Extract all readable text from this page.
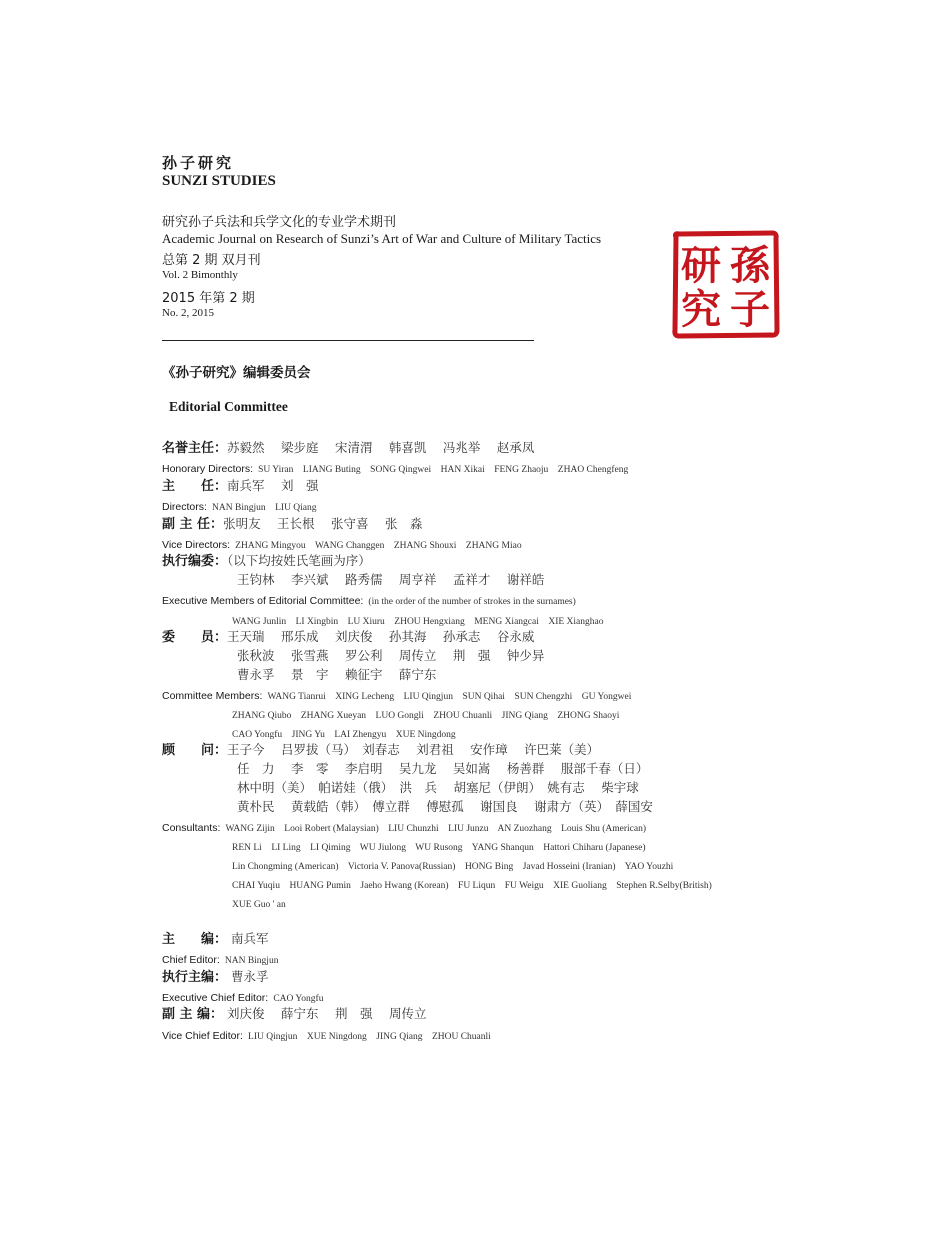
孙子研究
SUNZI STUDIES
研究孙子兵法和兵学文化的专业学术期刊
Academic Journal on Research of Sunzi’s Art of War and Culture of Military Tactics
总第 2 期 双月刊
Vol. 2 Bimonthly
2015 年第 2 期
No. 2, 2015
孫
子
研
究
《孙子研究》编辑委员会
Editorial Committee
名誉主任：苏毅然　 梁步庭　 宋清渭　 韩喜凯　 冯兆举　 赵承凤
Honorary Directors: SU Yiran    LIANG Buting    SONG Qingwei    HAN Xikai    FENG Zhaoju    ZHAO Chengfeng
主　　任：南兵军　 刘　强
Directors: NAN Bingjun    LIU Qiang
副 主 任：张明友　 王长根　 张守喜　 张　淼
Vice Directors: ZHANG Mingyou    WANG Changgen    ZHANG Shouxi    ZHANG Miao
执行编委：（以下均按姓氏笔画为序）
王钧林　 李兴斌　 路秀儒　 周亨祥　 孟祥才　 谢祥皓
Executive Members of Editorial Committee: (in the order of the number of strokes in the surnames)
WANG Junlin    LI Xingbin    LU Xiuru    ZHOU Hengxiang    MENG Xiangcai    XIE Xianghao
委　　员：王天瑞　 邢乐成　 刘庆俊　 孙其海　 孙承志　 谷永威
张秋波　 张雪燕　 罗公利　 周传立　 荆　强　 钟少异
曹永孚　 景　宇　 赖征宇　 薛宁东
Committee Members: WANG Tianrui    XING Lecheng    LIU Qingjun    SUN Qihai    SUN Chengzhi    GU Yongwei
ZHANG Qiubo    ZHANG Xueyan    LUO Gongli    ZHOU Chuanli    JING Qiang    ZHONG Shaoyi
CAO Yongfu    JING Yu    LAI Zhengyu    XUE Ningdong
顾　　问：王子今　 吕罗拔（马）　刘春志　 刘君祖　 安作璋　 许巴莱（美）
任　力　 李　零　 李启明　 吴九龙　 吴如嵩　 杨善群　 服部千春（日）
林中明（美）　帕诺娃（俄）　洪　兵　 胡塞尼（伊朗）　姚有志　 柴宇球
黄朴民　 黄载皓（韩）　傅立群　 傅慰孤　 谢国良　 谢肃方（英）　薛国安
Consultants: WANG Zijin    Looi Robert (Malaysian)    LIU Chunzhi    LIU Junzu    AN Zuozhang    Louis Shu (American)
REN Li    LI Ling    LI Qiming    WU Jiulong    WU Rusong    YANG Shanqun    Hattori Chiharu (Japanese)
Lin Chongming (American)    Victoria V. Panova(Russian)    HONG Bing    Javad Hosseini (Iranian)    YAO Youzhi
CHAI Yuqiu    HUANG Pumin    Jaeho Hwang (Korean)    FU Liqun    FU Weigu    XIE Guoliang    Stephen R.Selby(British)
XUE Guo ' an
主　　编： 南兵军
Chief Editor: NAN Bingjun
执行主编： 曹永孚
Executive Chief Editor: CAO Yongfu
副 主 编： 刘庆俊　 薛宁东　 荆　强　 周传立
Vice Chief Editor: LIU Qingjun    XUE Ningdong    JING Qiang    ZHOU Chuanli
